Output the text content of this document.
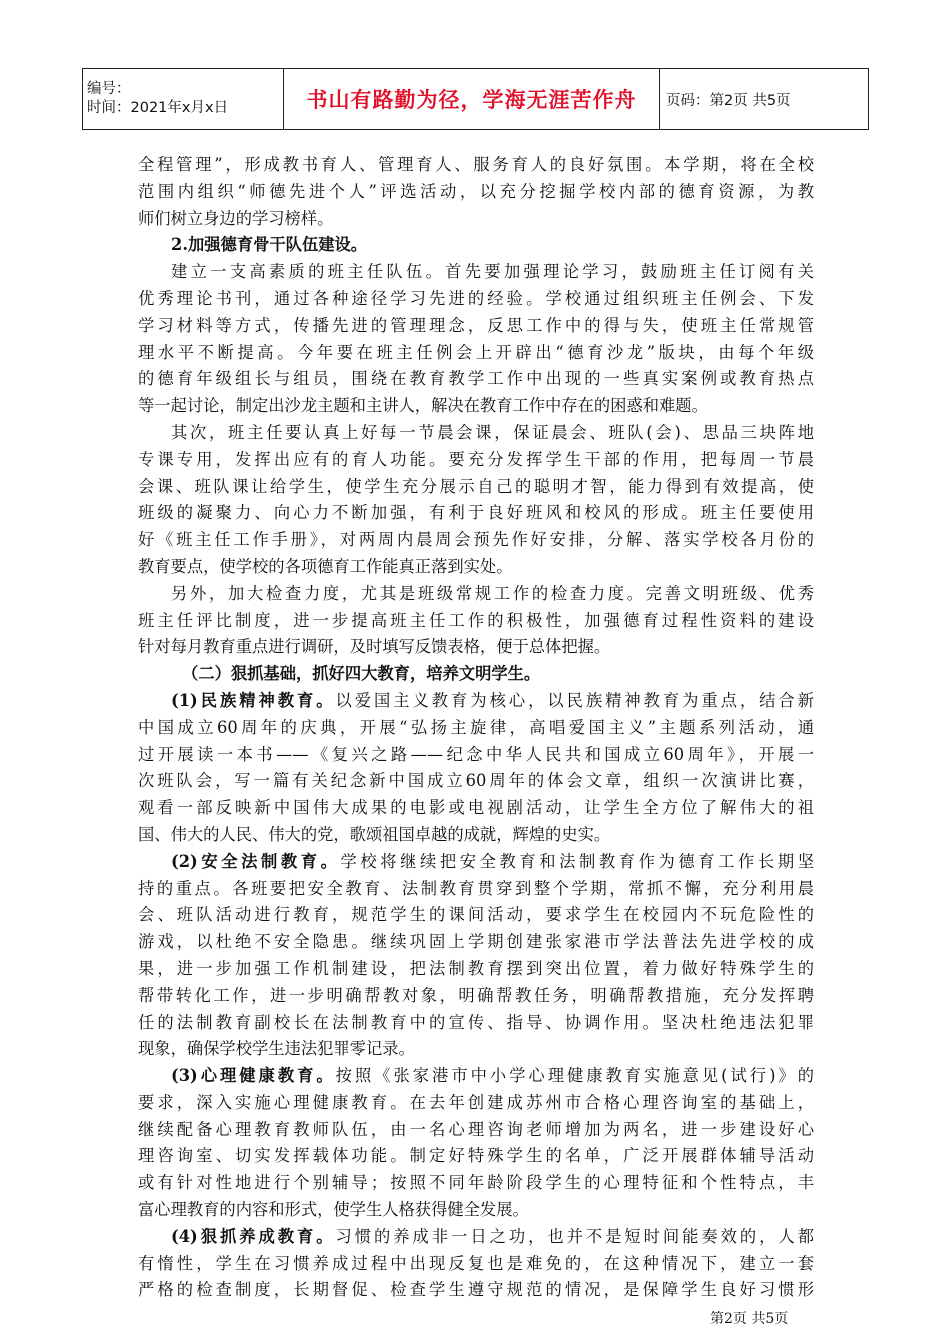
编号：
时间：2021年x月x日	书山有路勤为径，学海无涯苦作舟	页码：第2页 共5页
全程管理”，形成教书育人、管理育人、服务育人的良好氛围。本学期，将在全校
范围内组织“师德先进个人”评选活动，以充分挖掘学校内部的德育资源，为教
师们树立身边的学习榜样。
2.加强德育骨干队伍建设。
建立一支高素质的班主任队伍。首先要加强理论学习，鼓励班主任订阅有关
优秀理论书刊，通过各种途径学习先进的经验。学校通过组织班主任例会、下发
学习材料等方式，传播先进的管理理念，反思工作中的得与失，使班主任常规管
理水平不断提高。今年要在班主任例会上开辟出“德育沙龙”版块，由每个年级
的德育年级组长与组员，围绕在教育教学工作中出现的一些真实案例或教育热点
等一起讨论，制定出沙龙主题和主讲人，解决在教育工作中存在的困惑和难题。
其次，班主任要认真上好每一节晨会课，保证晨会、班队(会)、思品三块阵地
专课专用，发挥出应有的育人功能。要充分发挥学生干部的作用，把每周一节晨
会课、班队课让给学生，使学生充分展示自己的聪明才智，能力得到有效提高，使
班级的凝聚力、向心力不断加强，有利于良好班风和校风的形成。班主任要使用
好《班主任工作手册》，对两周内晨周会预先作好安排，分解、落实学校各月份的
教育要点，使学校的各项德育工作能真正落到实处。
另外，加大检查力度，尤其是班级常规工作的检查力度。完善文明班级、优秀
班主任评比制度，进一步提高班主任工作的积极性，加强德育过程性资料的建设
针对每月教育重点进行调研，及时填写反馈表格，便于总体把握。
（二）狠抓基础，抓好四大教育，培养文明学生。
(1)民族精神教育。以爱国主义教育为核心，以民族精神教育为重点，结合新
中国成立60周年的庆典，开展“弘扬主旋律，高唱爱国主义”主题系列活动，通
过开展读一本书——《复兴之路——纪念中华人民共和国成立60周年》，开展一
次班队会，写一篇有关纪念新中国成立60周年的体会文章，组织一次演讲比赛，
观看一部反映新中国伟大成果的电影或电视剧活动，让学生全方位了解伟大的祖
国、伟大的人民、伟大的党，歌颂祖国卓越的成就，辉煌的史实。
(2)安全法制教育。学校将继续把安全教育和法制教育作为德育工作长期坚
持的重点。各班要把安全教育、法制教育贯穿到整个学期，常抓不懈，充分利用晨
会、班队活动进行教育，规范学生的课间活动，要求学生在校园内不玩危险性的
游戏，以杜绝不安全隐患。继续巩固上学期创建张家港市学法普法先进学校的成
果，进一步加强工作机制建设，把法制教育摆到突出位置，着力做好特殊学生的
帮带转化工作，进一步明确帮教对象，明确帮教任务，明确帮教措施，充分发挥聘
任的法制教育副校长在法制教育中的宣传、指导、协调作用。坚决杜绝违法犯罪
现象，确保学校学生违法犯罪零记录。
(3)心理健康教育。按照《张家港市中小学心理健康教育实施意见(试行)》的
要求，深入实施心理健康教育。在去年创建成苏州市合格心理咨询室的基础上，
继续配备心理教育教师队伍，由一名心理咨询老师增加为两名，进一步建设好心
理咨询室、切实发挥载体功能。制定好特殊学生的名单，广泛开展群体辅导活动
或有针对性地进行个别辅导；按照不同年龄阶段学生的心理特征和个性特点，丰
富心理教育的内容和形式，使学生人格获得健全发展。
(4)狠抓养成教育。习惯的养成非一日之功，也并不是短时间能奏效的，人都
有惰性，学生在习惯养成过程中出现反复也是难免的，在这种情况下，建立一套
严格的检查制度，长期督促、检查学生遵守规范的情况，是保障学生良好习惯形
第2页 共5页
